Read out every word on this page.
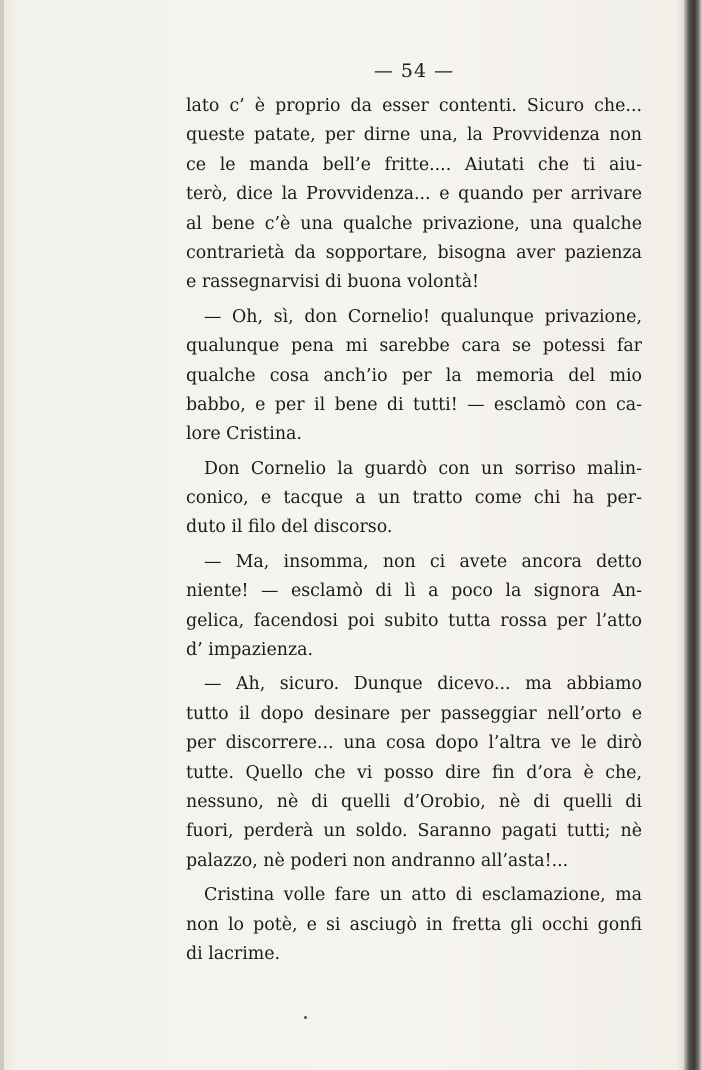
— 54 —
lato c’ è proprio da esser contenti. Sicuro che...
queste patate, per dirne una, la Provvidenza non
ce le manda bell’e fritte.... Aiutati che ti aiu-
terò, dice la Provvidenza... e quando per arrivare
al bene c’è una qualche privazione, una qualche
contrarietà da sopportare, bisogna aver pazienza
e rassegnarvisi di buona volontà!
— Oh, sì, don Cornelio! qualunque privazione,
qualunque pena mi sarebbe cara se potessi far
qualche cosa anch’io per la memoria del mio
babbo, e per il bene di tutti! — esclamò con ca-
lore Cristina.
Don Cornelio la guardò con un sorriso malin-
conico, e tacque a un tratto come chi ha per-
duto il filo del discorso.
— Ma, insomma, non ci avete ancora detto
niente! — esclamò di lì a poco la signora An-
gelica, facendosi poi subito tutta rossa per l’atto
d’ impazienza.
— Ah, sicuro. Dunque dicevo... ma abbiamo
tutto il dopo desinare per passeggiar nell’orto e
per discorrere... una cosa dopo l’altra ve le dirò
tutte. Quello che vi posso dire fin d’ora è che,
nessuno, nè di quelli d’Orobio, nè di quelli di
fuori, perderà un soldo. Saranno pagati tutti; nè
palazzo, nè poderi non andranno all’asta!...
Cristina volle fare un atto di esclamazione, ma
non lo potè, e si asciugò in fretta gli occhi gonfi
di lacrime.
